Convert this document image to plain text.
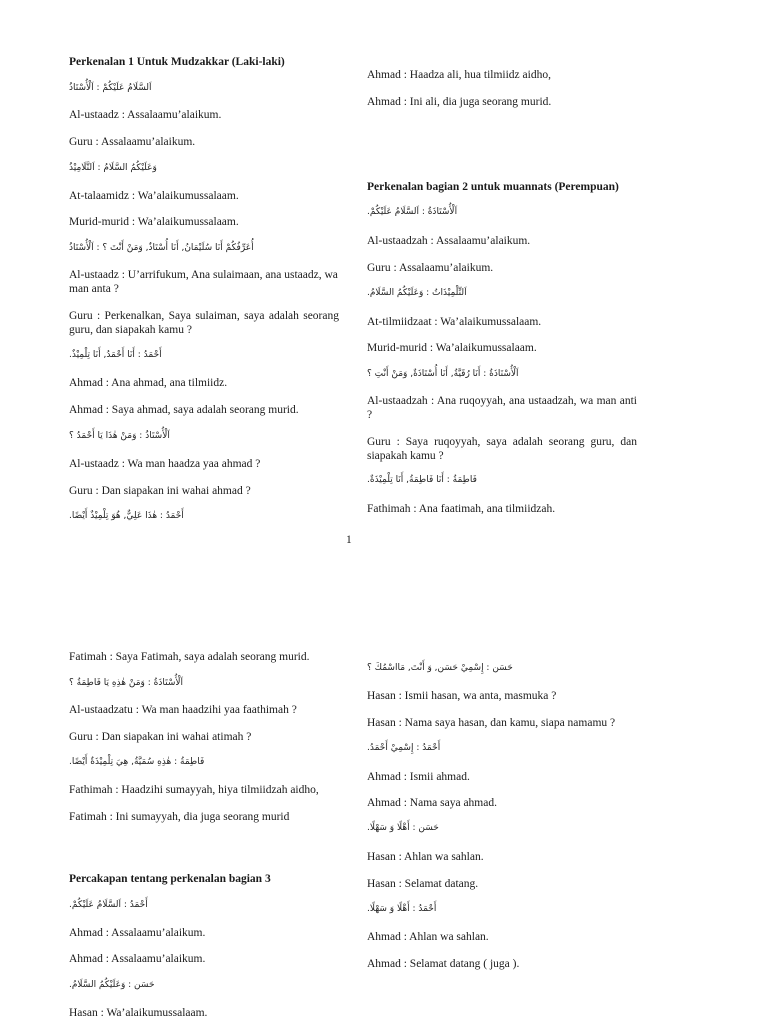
Perkenalan 1 Untuk Mudzakkar (Laki-laki)
اَلسَّلَامُ عَلَيْكُمْ : اَلْأُسْتَاذُ
Al-ustaadz : Assalaamu’alaikum.
Guru : Assalaamu’alaikum.
وَعَلَيْكُمُ السَّلَامُ : اَلتَّلَامِيْذُ
At-talaamidz : Wa’alaikumussalaam.
Murid-murid : Wa’alaikumussalaam.
أُعَرِّفُكُمْ أَنَا سُلَيْمَانُ, أَنَا أُسْتَاذٌ, وَمَنْ أَنْتَ ؟ : اَلْأُسْتَاذُ
Al-ustaadz : U’arrifukum, Ana sulaimaan, ana ustaadz, wa man anta ?
Guru : Perkenalkan, Saya sulaiman, saya adalah seorang guru, dan siapakah kamu ?
أَحْمَدُ : أَنَا أَحْمَدُ, أَنَا تِلْمِيْذٌ.
Ahmad : Ana ahmad, ana tilmiidz.
Ahmad : Saya ahmad, saya adalah seorang murid.
اَلْأُسْتَاذُ : وَمَنْ هٰذَا يَا أَحْمَدُ ؟
Al-ustaadz : Wa man haadza yaa ahmad ?
Guru : Dan siapakan ini wahai ahmad ?
أَحْمَدُ : هٰذَا عَلِيٌّ, هُوَ تِلْمِيْذٌ أَيْضًا.
Ahmad : Haadza ali, hua tilmiidz aidho,
Ahmad : Ini ali, dia juga seorang murid.
Perkenalan bagian 2 untuk muannats (Perempuan)
اَلْأُسْتَاذَةُ : اَلسَّلَامُ عَلَيْكُمْ.
Al-ustaadzah : Assalaamu’alaikum.
Guru : Assalaamu’alaikum.
اَلتِّلْمِيْذَاتُ : وَعَلَيْكُمُ السَّلَامُ.
At-tilmiidzaat : Wa’alaikumussalaam.
Murid-murid : Wa’alaikumussalaam.
اَلْأُسْتَاذَةُ : أَنَا رُقَيَّةُ, أَنَا أُسْتَاذَةٌ, وَمَنْ أَنْتِ ؟
Al-ustaadzah : Ana ruqoyyah, ana ustaadzah, wa man anti ?
Guru : Saya ruqoyyah, saya adalah seorang guru, dan siapakah kamu ?
فَاطِمَةُ : أَنَا فَاطِمَةُ, أَنَا تِلْمِيْذَةٌ.
Fathimah : Ana faatimah, ana tilmiidzah.
1
Fatimah : Saya Fatimah, saya adalah seorang murid.
اَلْأُسْتَاذَةُ : وَمَنْ هٰذِهِ يَا فَاطِمَةُ ؟
Al-ustaadzatu : Wa man haadzihi yaa faathimah ?
Guru : Dan siapakan ini wahai atimah ?
فَاطِمَةُ : هٰذِهِ سُمَيَّةُ, هِيَ تِلْمِيْذَةٌ أَيْضًا.
Fathimah : Haadzihi sumayyah, hiya tilmiidzah aidho,
Fatimah : Ini sumayyah, dia juga seorang murid
Percakapan tentang perkenalan bagian 3
أَحْمَدُ : اَلسَّلَامُ عَلَيْكُمْ.
Ahmad : Assalaamu’alaikum.
Ahmad : Assalaamu’alaikum.
حَسَن : وَعَلَيْكُمُ السَّلَامُ.
Hasan : Wa’alaikumussalaam.
حَسَن : إِسْمِيْ حَسَن, وَ أَنْتَ, مَااسْمُكَ ؟
Hasan : Ismii hasan, wa anta, masmuka ?
Hasan : Nama saya hasan, dan kamu, siapa namamu ?
أَحْمَدُ : إِسْمِيْ أَحْمَدُ.
Ahmad : Ismii ahmad.
Ahmad : Nama saya ahmad.
حَسَن : أَهْلًا وَ سَهْلًا.
Hasan : Ahlan wa sahlan.
Hasan : Selamat datang.
أَحْمَدُ : أَهْلًا وَ سَهْلًا.
Ahmad : Ahlan wa sahlan.
Ahmad : Selamat datang ( juga ).
